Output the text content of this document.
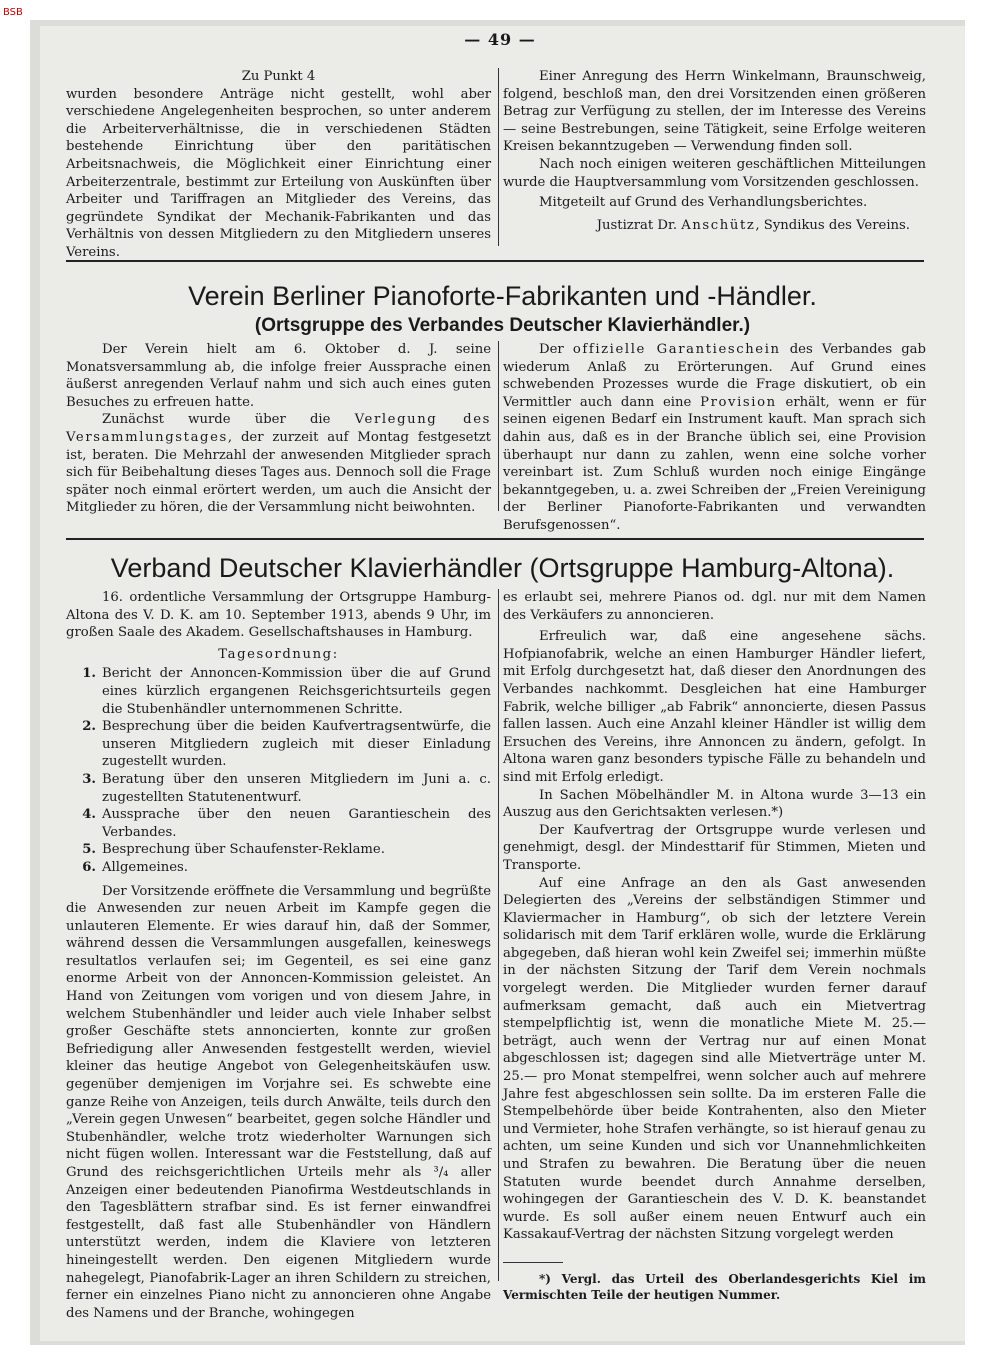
BSB
— 49 —

Zu Punkt 4

wurden besondere Anträge nicht gestellt, wohl aber verschiedene Angelegenheiten besprochen, so unter anderem die Arbeiterverhältnisse, die in verschiedenen Städten bestehende Einrichtung über den paritätischen Arbeitsnachweis, die Möglichkeit einer Einrichtung einer Arbeiterzentrale, bestimmt zur Erteilung von Auskünften über Arbeiter und Tariffragen an Mitglieder des Vereins, das gegründete Syndikat der Mechanik-Fabrikanten und das Verhältnis von dessen Mitgliedern zu den Mitgliedern unseres Vereins.

Einer Anregung des Herrn Winkelmann, Braunschweig, folgend, beschloß man, den drei Vorsitzenden einen größeren Betrag zur Verfügung zu stellen, der im Interesse des Vereins — seine Bestrebungen, seine Tätigkeit, seine Erfolge weiteren Kreisen bekanntzugeben — Verwendung finden soll.

Nach noch einigen weiteren geschäftlichen Mitteilungen wurde die Hauptversammlung vom Vorsitzenden geschlossen.

Mitgeteilt auf Grund des Verhandlungsberichtes.

Justizrat Dr. Anschütz, Syndikus des Vereins.

Verein Berliner Pianoforte-Fabrikanten und -Händler.
(Ortsgruppe des Verbandes Deutscher Klavierhändler.)

Der Verein hielt am 6. Oktober d. J. seine Monatsversammlung ab, die infolge freier Aussprache einen äußerst anregenden Verlauf nahm und sich auch eines guten Besuches zu erfreuen hatte.

Zunächst wurde über die Verlegung des Versammlungstages, der zurzeit auf Montag festgesetzt ist, beraten. Die Mehrzahl der anwesenden Mitglieder sprach sich für Beibehaltung dieses Tages aus. Dennoch soll die Frage später noch einmal erörtert werden, um auch die Ansicht der Mitglieder zu hören, die der Versammlung nicht beiwohnten.

Der offizielle Garantieschein des Verbandes gab wiederum Anlaß zu Erörterungen. Auf Grund eines schwebenden Prozesses wurde die Frage diskutiert, ob ein Vermittler auch dann eine Provision erhält, wenn er für seinen eigenen Bedarf ein Instrument kauft. Man sprach sich dahin aus, daß es in der Branche üblich sei, eine Provision überhaupt nur dann zu zahlen, wenn eine solche vorher vereinbart ist. Zum Schluß wurden noch einige Eingänge bekanntgegeben, u. a. zwei Schreiben der „Freien Vereinigung der Berliner Pianoforte-Fabrikanten und verwandten Berufsgenossen“.

Verband Deutscher Klavierhändler (Ortsgruppe Hamburg-Altona).

16. ordentliche Versammlung der Ortsgruppe Hamburg-Altona des V. D. K. am 10. September 1913, abends 9 Uhr, im großen Saale des Akadem. Gesellschaftshauses in Hamburg.

Tagesordnung:

1. Bericht der Annoncen-Kommission über die auf Grund eines kürzlich ergangenen Reichsgerichtsurteils gegen die Stubenhändler unternommenen Schritte.
2. Besprechung über die beiden Kaufvertragsentwürfe, die unseren Mitgliedern zugleich mit dieser Einladung zugestellt wurden.
3. Beratung über den unseren Mitgliedern im Juni a. c. zugestellten Statutenentwurf.
4. Aussprache über den neuen Garantieschein des Verbandes.
5. Besprechung über Schaufenster-Reklame.
6. Allgemeines.

Der Vorsitzende eröffnete die Versammlung und begrüßte die Anwesenden zur neuen Arbeit im Kampfe gegen die unlauteren Elemente. Er wies darauf hin, daß der Sommer, während dessen die Versammlungen ausgefallen, keineswegs resultatlos verlaufen sei; im Gegenteil, es sei eine ganz enorme Arbeit von der Annoncen-Kommission geleistet. An Hand von Zeitungen vom vorigen und von diesem Jahre, in welchem Stubenhändler und leider auch viele Inhaber selbst großer Geschäfte stets annoncierten, konnte zur großen Befriedigung aller Anwesenden festgestellt werden, wieviel kleiner das heutige Angebot von Gelegenheitskäufen usw. gegenüber demjenigen im Vorjahre sei. Es schwebte eine ganze Reihe von Anzeigen, teils durch Anwälte, teils durch den „Verein gegen Unwesen“ bearbeitet, gegen solche Händler und Stubenhändler, welche trotz wiederholter Warnungen sich nicht fügen wollen. Interessant war die Feststellung, daß auf Grund des reichsgerichtlichen Urteils mehr als ³/₄ aller Anzeigen einer bedeutenden Pianofirma Westdeutschlands in den Tagesblättern strafbar sind. Es ist ferner einwandfrei festgestellt, daß fast alle Stubenhändler von Händlern unterstützt werden, indem die Klaviere von letzteren hineingestellt werden. Den eigenen Mitgliedern wurde nahegelegt, Pianofabrik-Lager an ihren Schildern zu streichen, ferner ein einzelnes Piano nicht zu annoncieren ohne Angabe des Namens und der Branche, wohingegen

es erlaubt sei, mehrere Pianos od. dgl. nur mit dem Namen des Verkäufers zu annoncieren.

Erfreulich war, daß eine angesehene sächs. Hofpianofabrik, welche an einen Hamburger Händler liefert, mit Erfolg durchgesetzt hat, daß dieser den Anordnungen des Verbandes nachkommt. Desgleichen hat eine Hamburger Fabrik, welche billiger „ab Fabrik“ annoncierte, diesen Passus fallen lassen. Auch eine Anzahl kleiner Händler ist willig dem Ersuchen des Vereins, ihre Annoncen zu ändern, gefolgt. In Altona waren ganz besonders typische Fälle zu behandeln und sind mit Erfolg erledigt.

In Sachen Möbelhändler M. in Altona wurde 3—13 ein Auszug aus den Gerichtsakten verlesen.*)

Der Kaufvertrag der Ortsgruppe wurde verlesen und genehmigt, desgl. der Mindesttarif für Stimmen, Mieten und Transporte.

Auf eine Anfrage an den als Gast anwesenden Delegierten des „Vereins der selbständigen Stimmer und Klaviermacher in Hamburg“, ob sich der letztere Verein solidarisch mit dem Tarif erklären wolle, wurde die Erklärung abgegeben, daß hieran wohl kein Zweifel sei; immerhin müßte in der nächsten Sitzung der Tarif dem Verein nochmals vorgelegt werden. Die Mitglieder wurden ferner darauf aufmerksam gemacht, daß auch ein Mietvertrag stempelpflichtig ist, wenn die monatliche Miete M. 25.— beträgt, auch wenn der Vertrag nur auf einen Monat abgeschlossen ist; dagegen sind alle Mietverträge unter M. 25.— pro Monat stempelfrei, wenn solcher auch auf mehrere Jahre fest abgeschlossen sein sollte. Da im ersteren Falle die Stempelbehörde über beide Kontrahenten, also den Mieter und Vermieter, hohe Strafen verhängte, so ist hierauf genau zu achten, um seine Kunden und sich vor Unannehmlichkeiten und Strafen zu bewahren. Die Beratung über die neuen Statuten wurde beendet durch Annahme derselben, wohingegen der Garantieschein des V. D. K. beanstandet wurde. Es soll außer einem neuen Entwurf auch ein Kassakauf-Vertrag der nächsten Sitzung vorgelegt werden

*) Vergl. das Urteil des Oberlandesgerichts Kiel im Vermischten Teile der heutigen Nummer.
